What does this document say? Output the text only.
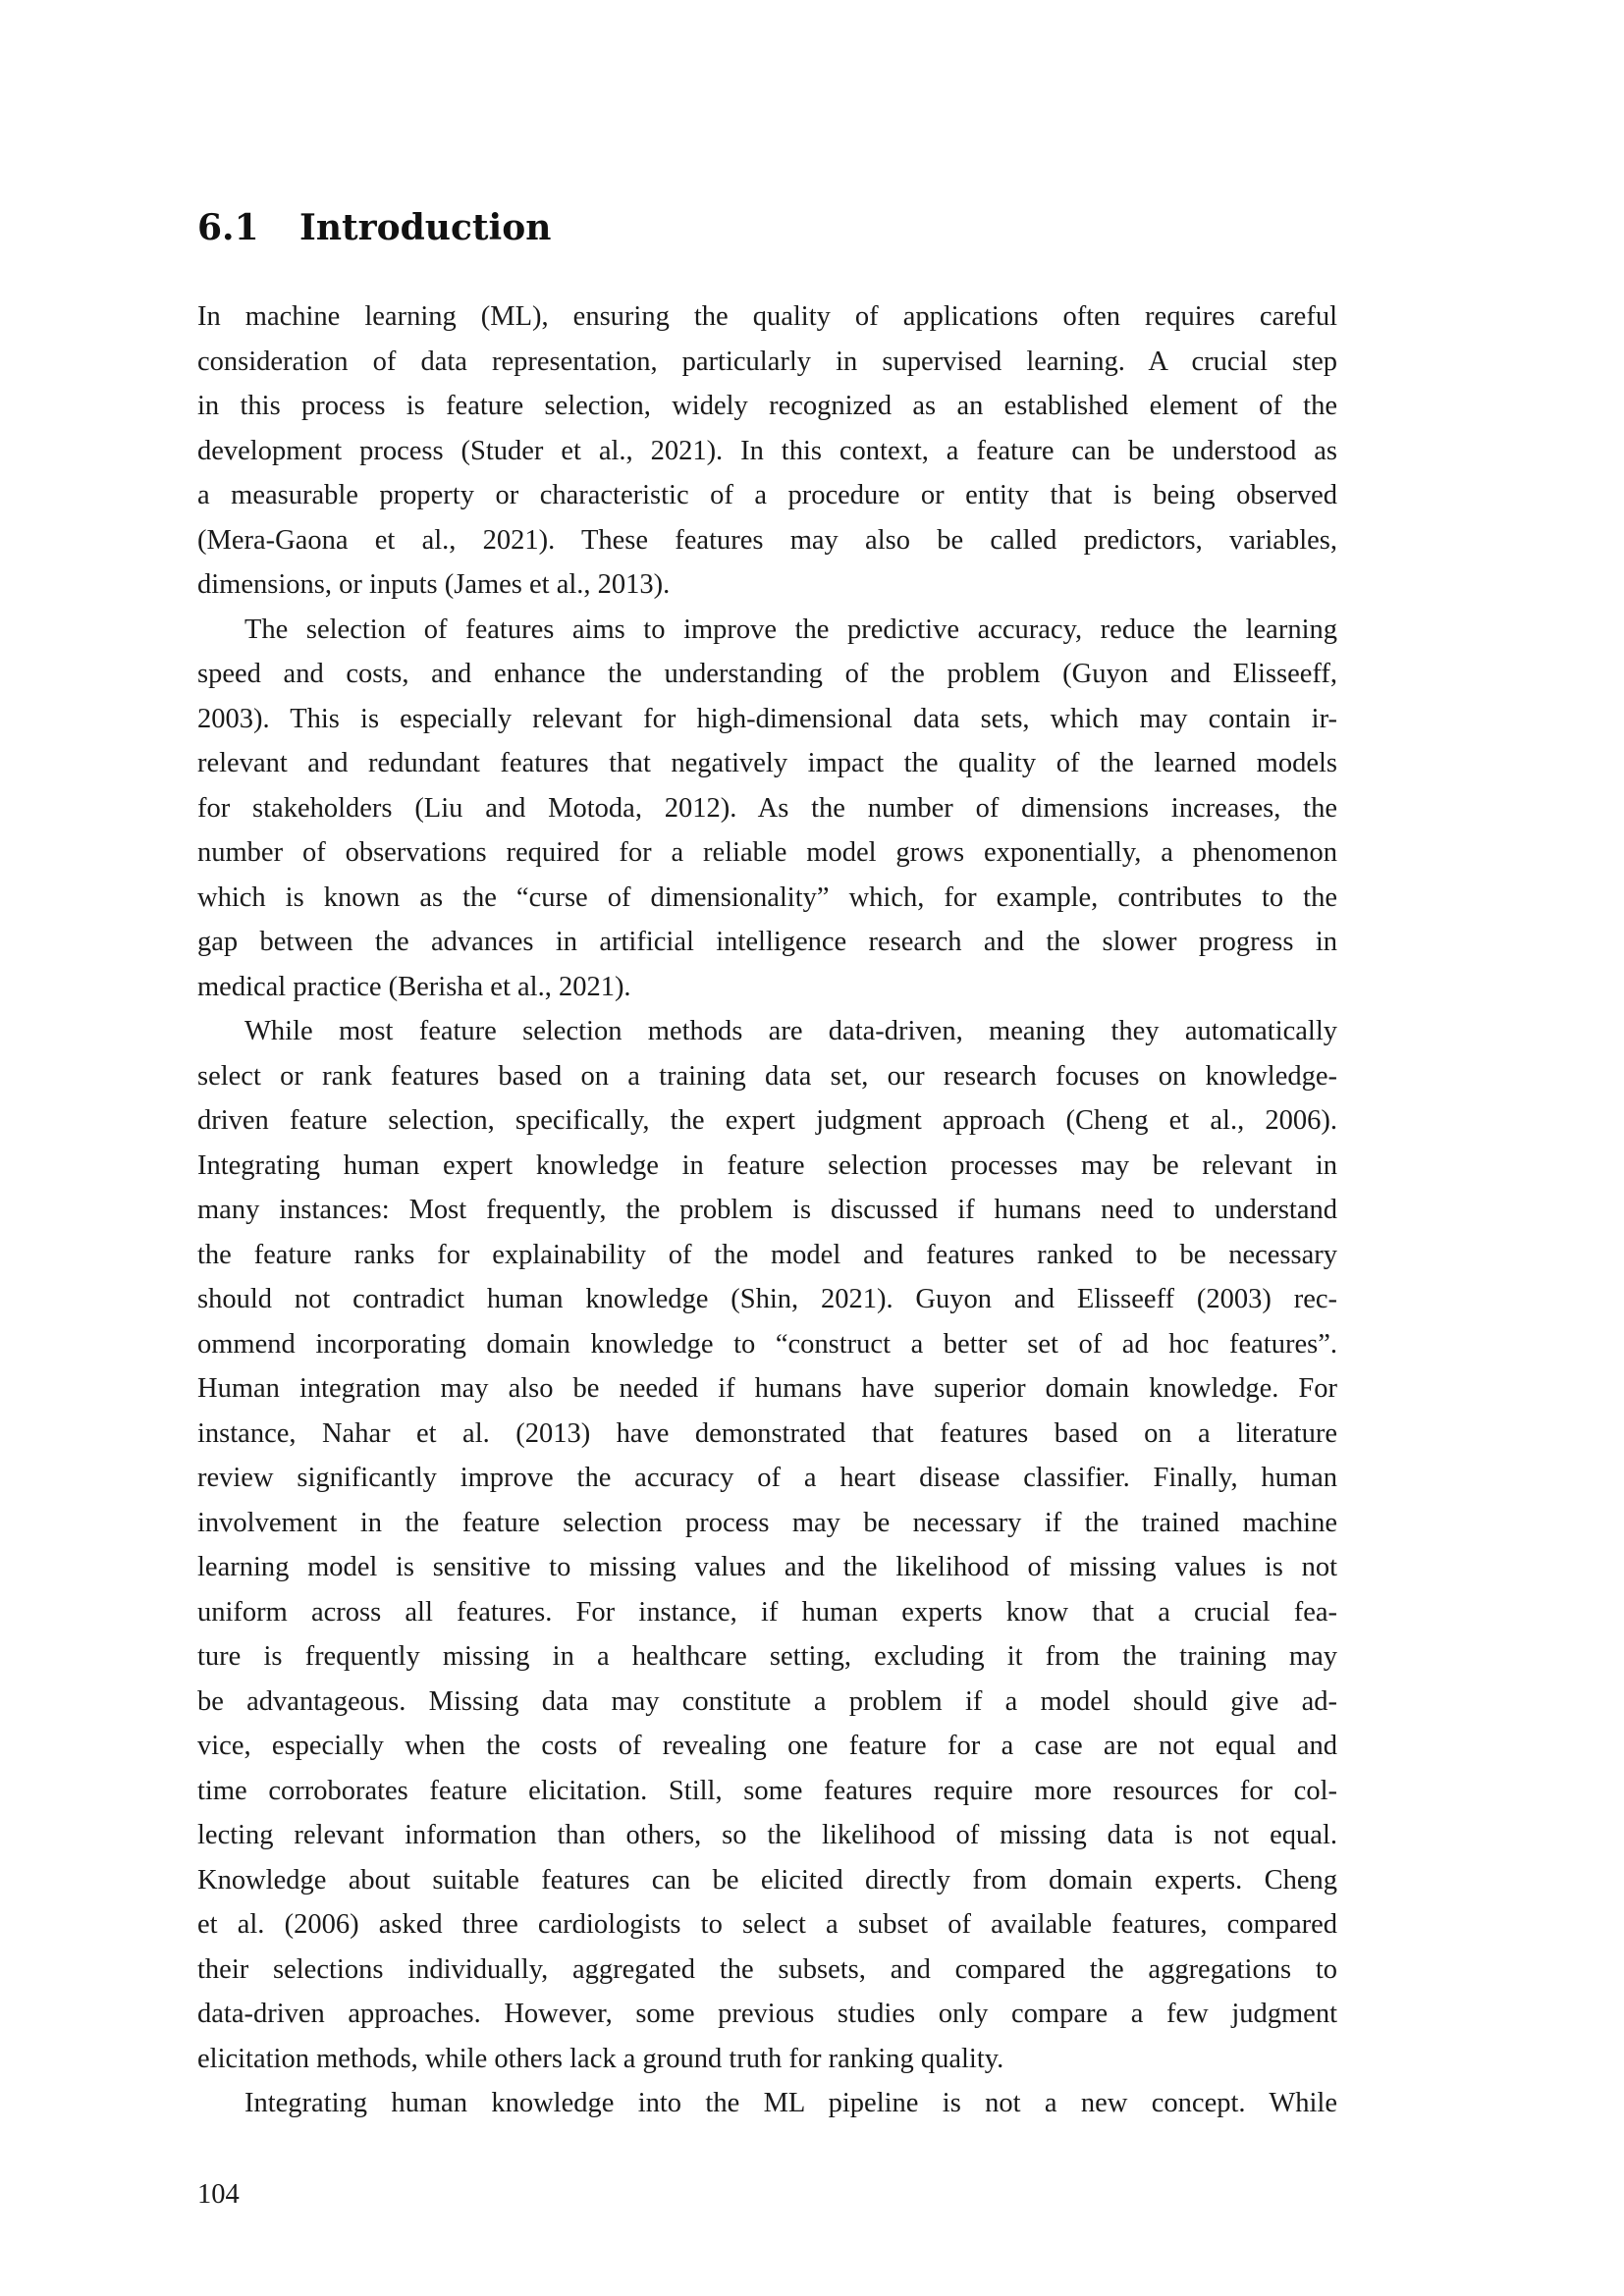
6.1 Introduction

In machine learning (ML), ensuring the quality of applications often requires careful
consideration of data representation, particularly in supervised learning. A crucial step
in this process is feature selection, widely recognized as an established element of the
development process (Studer et al., 2021). In this context, a feature can be understood as
a measurable property or characteristic of a procedure or entity that is being observed
(Mera-Gaona et al., 2021). These features may also be called predictors, variables,
dimensions, or inputs (James et al., 2013).

The selection of features aims to improve the predictive accuracy, reduce the learning
speed and costs, and enhance the understanding of the problem (Guyon and Elisseeff,
2003). This is especially relevant for high-dimensional data sets, which may contain ir-
relevant and redundant features that negatively impact the quality of the learned models
for stakeholders (Liu and Motoda, 2012). As the number of dimensions increases, the
number of observations required for a reliable model grows exponentially, a phenomenon
which is known as the “curse of dimensionality” which, for example, contributes to the
gap between the advances in artificial intelligence research and the slower progress in
medical practice (Berisha et al., 2021).

While most feature selection methods are data-driven, meaning they automatically
select or rank features based on a training data set, our research focuses on knowledge-
driven feature selection, specifically, the expert judgment approach (Cheng et al., 2006).
Integrating human expert knowledge in feature selection processes may be relevant in
many instances: Most frequently, the problem is discussed if humans need to understand
the feature ranks for explainability of the model and features ranked to be necessary
should not contradict human knowledge (Shin, 2021). Guyon and Elisseeff (2003) rec-
ommend incorporating domain knowledge to “construct a better set of ad hoc features”.
Human integration may also be needed if humans have superior domain knowledge. For
instance, Nahar et al. (2013) have demonstrated that features based on a literature
review significantly improve the accuracy of a heart disease classifier. Finally, human
involvement in the feature selection process may be necessary if the trained machine
learning model is sensitive to missing values and the likelihood of missing values is not
uniform across all features. For instance, if human experts know that a crucial fea-
ture is frequently missing in a healthcare setting, excluding it from the training may
be advantageous. Missing data may constitute a problem if a model should give ad-
vice, especially when the costs of revealing one feature for a case are not equal and
time corroborates feature elicitation. Still, some features require more resources for col-
lecting relevant information than others, so the likelihood of missing data is not equal.
Knowledge about suitable features can be elicited directly from domain experts. Cheng
et al. (2006) asked three cardiologists to select a subset of available features, compared
their selections individually, aggregated the subsets, and compared the aggregations to
data-driven approaches. However, some previous studies only compare a few judgment
elicitation methods, while others lack a ground truth for ranking quality.

Integrating human knowledge into the ML pipeline is not a new concept. While

104
